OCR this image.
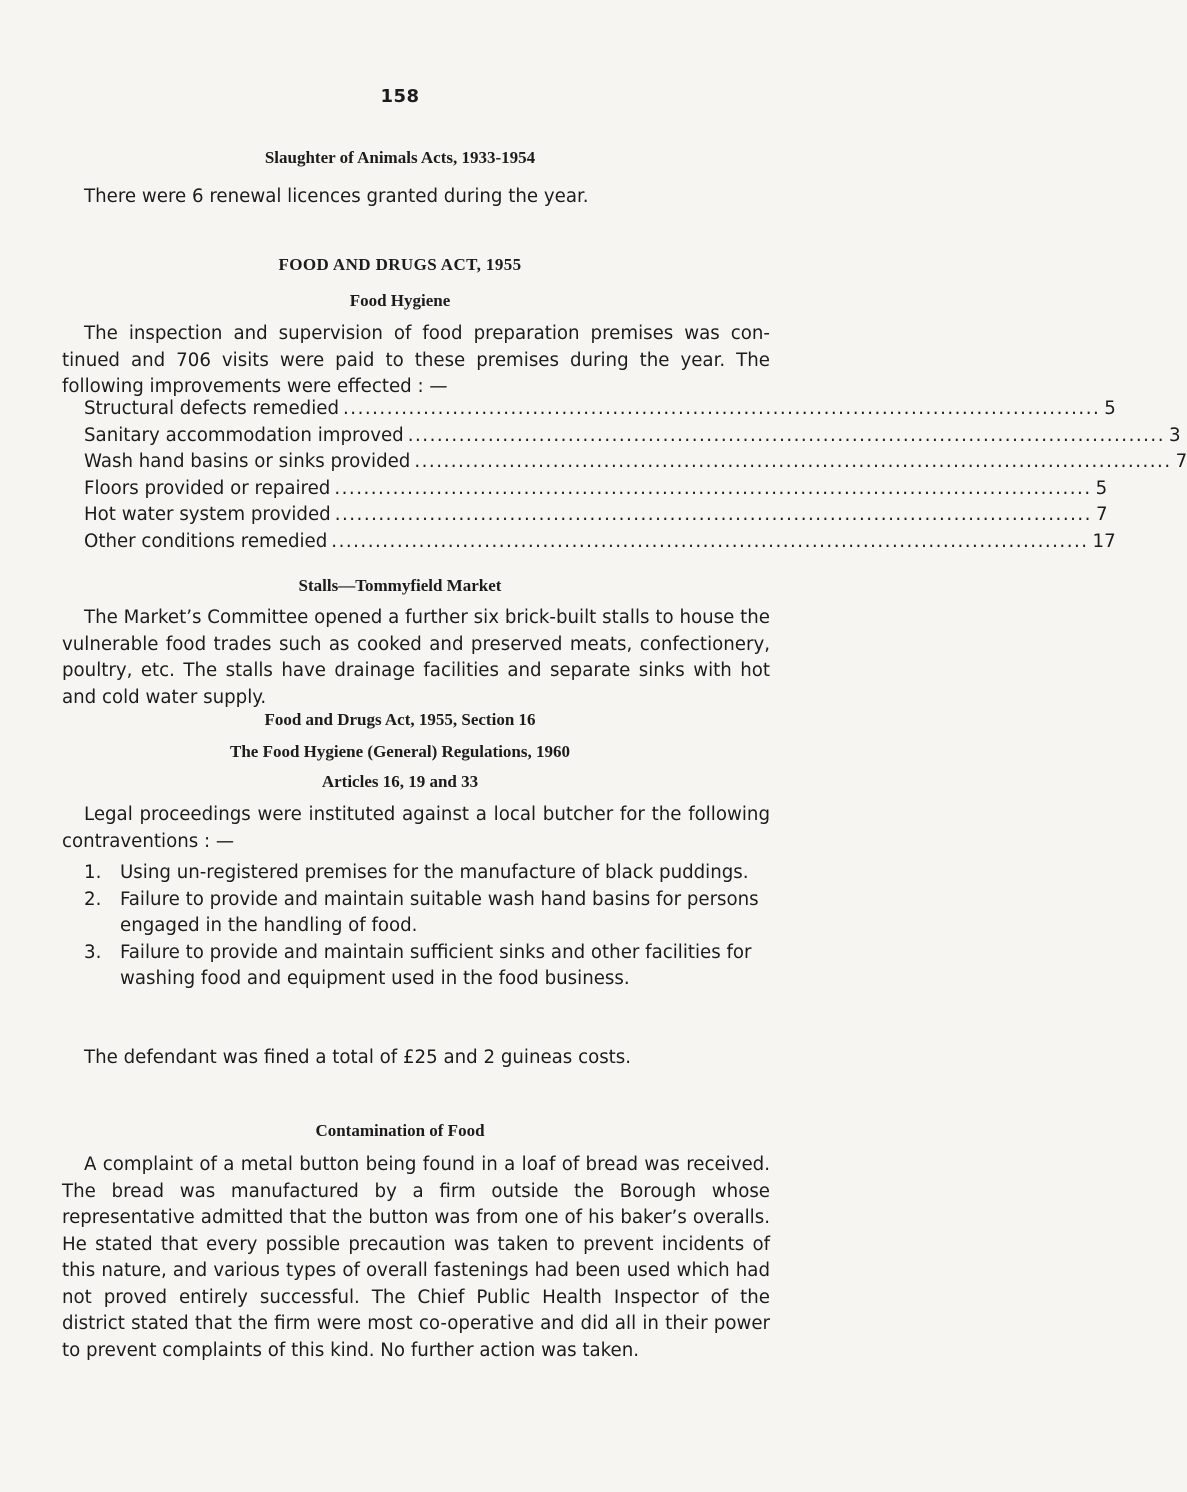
158
Slaughter of Animals Acts, 1933-1954
There were 6 renewal licences granted during the year.
FOOD AND DRUGS ACT, 1955
Food Hygiene
The inspection and supervision of food preparation premises was con-
tinued and 706 visits were paid to these premises during the year. The following improvements were effected : —
Structural defects remedied ........................................................................................................ 5
Sanitary accommodation improved ........................................................................................................ 3
Wash hand basins or sinks provided ........................................................................................................ 7
Floors provided or repaired ........................................................................................................ 5
Hot water system provided ........................................................................................................ 7
Other conditions remedied ........................................................................................................ 17
Stalls—Tommyfield Market
The Market’s Committee opened a further six brick-built stalls to house the vulnerable food trades such as cooked and preserved meats, confectionery, poultry, etc. The stalls have drainage facilities and separate sinks with hot and cold water supply.
Food and Drugs Act, 1955, Section 16
The Food Hygiene (General) Regulations, 1960
Articles 16, 19 and 33
Legal proceedings were instituted against a local butcher for the following contraventions : —
1.	Using un-registered premises for the manufacture of black puddings.
2.	Failure to provide and maintain suitable wash hand basins for persons engaged in the handling of food.
3.	Failure to provide and maintain sufficient sinks and other facilities for washing food and equipment used in the food business.
The defendant was fined a total of £25 and 2 guineas costs.
Contamination of Food
A complaint of a metal button being found in a loaf of bread was received. The bread was manufactured by a firm outside the Borough whose representative admitted that the button was from one of his baker’s overalls. He stated that every possible precaution was taken to prevent incidents of this nature, and various types of overall fastenings had been used which had not proved entirely successful. The Chief Public Health Inspector of the district stated that the firm were most co-operative and did all in their power to prevent complaints of this kind. No further action was taken.
